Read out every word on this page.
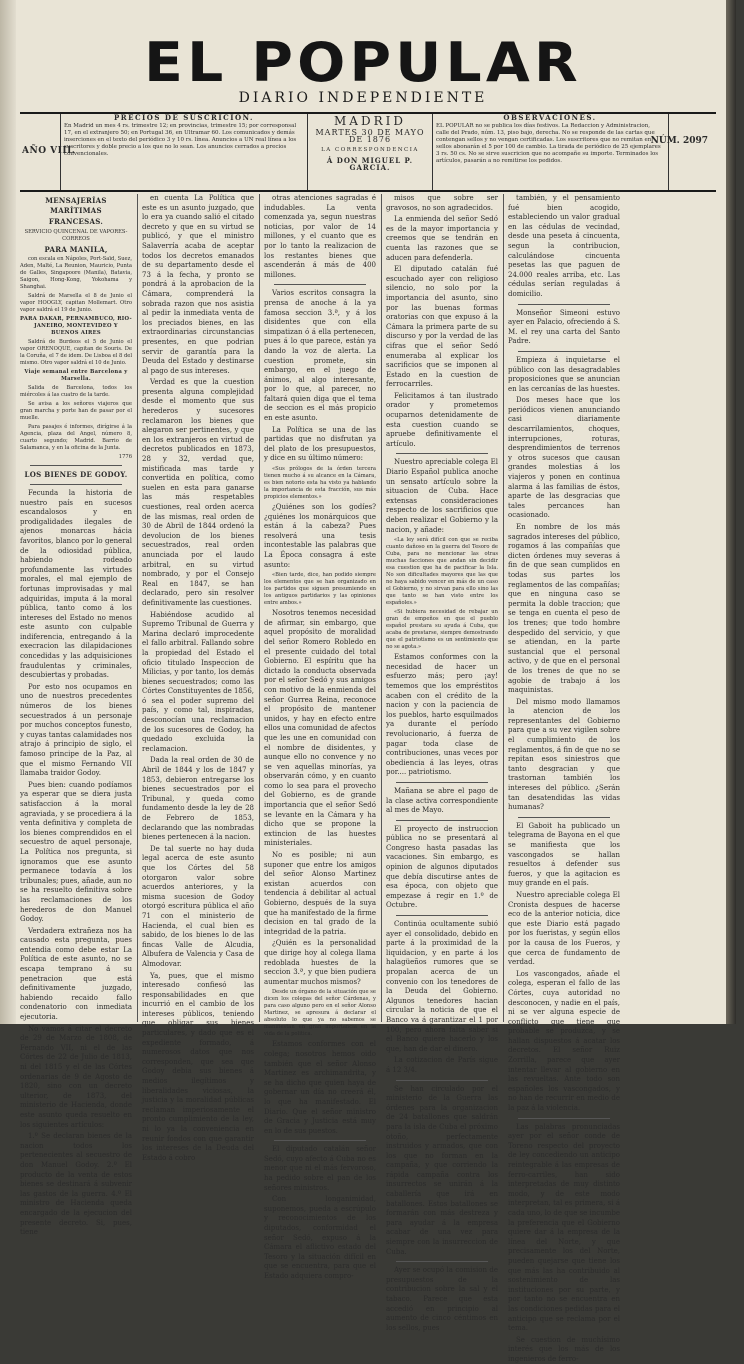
EL POPULAR
DIARIO INDEPENDIENTE
AÑO VIII.
PRECIOS DE SUSCRICION.
En Madrid un mes 4 rs. trimestre 12; en provincias, trimestre 15; por corresponsal 17, en el extranjero 50; en Portugal 36, en Ultramar 60. Los comunicados y demás inserciones en el texto del periódico 3 y 10 rs. línea. Anuncios a UN real línea a los suscritores y doble precio a los que no lo sean. Los anuncios cerrados a precios convencionales.
MADRID
MARTES 30 DE MAYO DE 1876
LA CORRESPONDENCIA
Á DON MIGUEL P. GARCIA.
OBSERVACIONES.
EL POPULAR no se publica los días festivos. La Redaccion y Administracion, calle del Prado, núm. 13, piso bajo, derecha. No se responde de las cartas que contengan sellos y no vengan certificadas. Los suscritores que no remitan en sellos abonarán el 5 por 100 de cambio. La tirada de periódico de 25 ejemplares 3 rs. 50 cs. No se sirve suscricion que no acompañe su importe. Terminados los artículos, pasarán a no remitirse los pedidos.
NÚM. 2097

MENSAJERÍAS MARÍTIMAS

FRANCESAS.

SERVICIO QUINCENAL DE VAPORES-CORREOS

PARA MANILA,

con escala en Nápoles, Port-Saïd, Suez, Aden, Malté, La Reunion, Mauricio, Punta de Galles, Singapoore (Manila), Batavia, Saigon, Hong-Kong, Yokohama y Shanghai.

Saldrá de Marsella el 8 de Junio el vapor HOOGLY, capitan Mollemart. Otro vapor saldrá el 19 de Junio.

PARA DAKAR, PERNAMBUCO, RIO-JANEIRO, MONTEVIDEO Y BUENOS AIRES

Saldrá de Burdeos el 5 de Junio el vapor ORENOQUE, capitan de Souris. De la Coruña, el 7 de idem. De Lisboa el 8 del mismo. Otro vapor saldrá el 10 de Junio.

Viaje semanal entre Barcelona y Marsella.

Salida de Barcelona, todos los miércoles á las cuatro de la tarde.

Se avisa a los señores viajeros que gran marcha y porte han de pasar por el muelle.

Para pasajes é informes, dirígirse á la Agencia, plaza del Angel, número 8, cuarto segundo; Madrid. Barrio de Salamanca, y en la oficina de la Junta.

1776

LOS BIENES DE GODOY.

Fecunda la historia de nuestro país en sucesos escandalosos y en prodigalidades ilegales de ajenos monarcas hácia favoritos, blanco por lo general de la odiosidad pública, habiendo rodeado profundamente las virtudes morales, el mal ejemplo de fortunas improvisadas y mal adquiridas, imputa á la moral pública, tanto como á los intereses del Estado no menos este asunto con culpable indiferencia, entregando á la execracion las dilapidaciones concedidas y las adquisiciones fraudulentas y criminales, descubiertas y probadas.

Por esto nos ocupamos en uno de nuestros precedentes números de los bienes secuestrados á un personaje por muchos conceptos funesto, y cuyas tantas calamidades nos atrajo á principio de siglo, el famoso principe de la Paz, al que el mismo Fernando VII llamaba traidor Godoy.

Pues bien: cuando podíamos ya esperar que se diera justa satisfaccion á la moral agraviada, y se procediera á la venta definitiva y completa de los bienes comprendidos en el secuestro de aquel personaje, La Política nos pregunta, si ignoramos que ese asunto permanece todavía á los tribunales; pues, añade, aun no se ha resuelto definitiva sobre las reclamaciones de los herederos de don Manuel Godoy.

Verdadera extrañeza nos ha causado esta pregunta, pues entendia como debe estar La Política de este asunto, no se escapa temprano á su penetracion que está definitivamente juzgado, habiendo recaido fallo condenatorio con inmediata ejecutoria.

No vamos á citar el decreto de 29 de Marzo de 1808, de Fernando VII, ni el de las Córtes de 22 de Julio de 1813, ni del 1815 y el de las Córtes ordenarias de 9 de Agosto de 1820, sino con un decreto ulterior, de 1873, del ministerio de Hacienda, donde este asunto queda resuelto en los siguientes artículos:

1.º Se declaran bienes de la nacion todos los pertenecientes al secuestro de don Manuel Godoy. 2.º El producto de la venta de estos bienes se destinará á subvenir las gastos de la guerra. 4.º El ministro de Hacienda queda encargado de la ejecucion del presente decreto. Si, pues, tiene

en cuenta La Política que este es un asunto juzgado, que lo era ya cuando salió el citado decreto y que en su virtud se publicó, y que el ministro Salaverría acaba de aceptar todos los decretos emanados de su departamento desde el 73 á la fecha, y pronto se pondrá á la aprobacion de la Cámara, comprenderá la sobrada razon que nos asistia al pedir la inmediata venta de los preciados bienes, en las extraordinarias circunstancias presentes, en que podrian servir de garantía para la Deuda del Estado y destinarse al pago de sus intereses.

Verdad es que la cuestion presenta alguna complejidad desde el momento que sus herederos y sucesores reclamaron los bienes que alegaron ser pertinentes, y que en los extranjeros en virtud de decretos publicados en 1873, 28 y 32, verdad que, mistificada mas tarde y convertida en política, como suelen en esta para ganarse las más respetables cuestiones, real orden acerca de las mismas, real orden de 30 de Abril de 1844 ordenó la devolucion de los bienes secuestrados, real orden anunciada por el laudo arbitral, en su virtud nombrado, y por el Consejo Real en 1847, se han declarado, pero sin resolver definitivamente las cuestiones.

Habiéndose acudido al Supremo Tribunal de Guerra y Marina declaró improcedente el fallo arbitral. Fallando sobre la propiedad del Estado el oficio titulado Inspeccion de Milicias, y por tanto, los demás bienes secuestrados; como las Córtes Constituyentes de 1856, ó sea el poder supremo del país, y como tal, inspiradas, desconocían una reclamacion de los sucesores de Godoy, ha quedado excluida la reclamacion.

Dada la real orden de 30 de Abril de 1844 y los de 1847 y 1853, debieron entregarse los bienes secuestrados por el Tribunal, y queda como fundamento desde la ley de 28 de Febrero de 1853, declarando que las nombradas bienes pertenecen á la nacion.

De tal suerte no hay duda legal acerca de este asunto que los Córtes del 58 otorgaron valor sobre acuerdos anteriores, y la misma sucesion de Godoy otorgó escritura pública el año 71 con el ministerio de Hacienda, el cual bien es sabido, de los bienes lo de las fincas Valle de Alcudia, Albufera de Valencia y Casa de Almodovar.

Ya, pues, que el mismo interesado confiesó las responsabilidades en que incurrió en el cambio de los intereses públicos, teniendo que obligar sus bienes particulares, y dado que es el expediente formado, á numerosos datos que nos corresponden, que sea que Godoy debia sus bienes á medios ilegítimos y liberalidades viciosas, la justicia y la moralidad públicas reclaman imperiosamente el pronto cumplimiento de la ley, ni lo ya la conveniencia en reunir fondos con que garantir los intereses de la Deuda del Estado á cobro

otras atenciones sagradas é indudables. La venta comenzada ya, segun nuestras noticias, por valor de 14 millones, y el cuanto que es por lo tanto la realizacion de los restantes bienes que ascenderán á más de 400 millones.

Varios escritos consagra la prensa de anoche á la ya famosa seccion 3.ª, y á los disidentes que con ella simpatizan ó á ella pertenecen, pues á lo que parece, están ya dando la voz de alerta. La cuestion promete, sin embargo, en el juego de ánimos, al algo interesante, por lo que, al parecer, no faltará quien diga que el tema de seccion es el más propicio en este asunto.

La Política se una de las partidas que no disfrutan ya del plato de los presupuestos, y dice en su último número:

«Sus prólogos de la órden tercera tienen mucho á su alcance en la Cámara, es bien notorio esta ha visto ya hablando la importancia de esta fracción, sus más propicios elementos.»

¿Quiénes son los godíes? ¿quiénes los monárquicos que están á la cabeza? Pues resolverá una tesis incontestable las palabras que La Época consagra á este asunto:

«Bien tarde, dice, han podido siempre los elementos que se han organizado en los partidos que siguen presumiendo en los antiguos partidarios y las opiniones entre ambos.»

Nosotros tenemos necesidad de afirmar, sin embargo, que aquel propósito de moralidad del señor Romero Robledo en el presente cuidado del total Gobierno. El espíritu que ha dictado la conducta observada por el señor Sedó y sus amigos con motivo de la enmienda del señor Gurrea Reina, reconoce el propósito de mantener unidos, y hay en efecto entre ellos una comunidad de afectos que les une en comunidad con el nombre de disidentes, y aunque ello no convence y no se ven aquellas minorías, ya observarán cómo, y en cuanto como lo sea para el provecho del Gobierno, es de grande importancia que el señor Sedó se levante en la Cámara y ha dicho que se propone la extincion de las huestes ministeriales.

No es posible; ni aun suponer que entre los amigos del señor Alonso Martinez existan acuerdos con tendencia á debilitar al actual Gobierno, después de la suya que ha manifestado de la firme decision en tal grado de la integridad de la patria.

¿Quién es la personalidad que dirige hoy al colega llama redoblada huestes de la seccion 3.ª, y que bien pudiera aumentar muchos mismos?

Desde un órgano de la situación que se dicen los colegas del señor Cárdenas, y para caso alguno pero en el señor Alonso Martinez, se apresura á declarar el absoluto lo que ya no sabemos se manifiestan en gran importancia en la vida de la politica.

Estamos conformes con el colega; nosotros hemos oido también que el señor Alonso Martinez es archimandrita, y se ha dicho que quien haya de gobernar un día no creerá él, lo que ha manifestado. El Diario. Que el señor ministro de Gracia y Justicia está muy en lo de sus puestos.

El diputado catalán señor Sedó, cuyo afecto á Cuba no es menor que ni el más fervoroso, ha pedido sobre el pan de los señores ministros.

Con longanimidad, suponemos, pueda a escrúpulo y reconocimientos de los diputados, conformidad el señor Sedó, expuso á la Cámara el aflictivo estado del Tesoro y la situación difícil en que se encuentra, para que el Estado adquiera compro-

misos que sobre ser gravosos, no son agradecidos.

La enmienda del señor Sedó es de la mayor importancia y creemos que se tendrán en cuenta las razones que se aducen para defenderla.

El diputado catalán fué escuchado ayer con religioso silencio, no solo por la importancia del asunto, sino por las buenas formas oratorias con que expuso á la Cámara la primera parte de su discurso y por la verdad de las cifras que el señor Sedó enumeraba al explicar los sacrificios que se imponen al Estado en la cuestion de ferrocarriles.

Felicitamos á tan ilustrado orador y prometemos ocuparnos detenidamente de esta cuestion cuando se apruebe definitivamente el artículo.

Nuestro apreciable colega El Diario Español publica anoche un sensato artículo sobre la situacion de Cuba. Hace extensas consideraciones respecto de los sacrificios que deben realizar el Gobierno y la nacion, y añade:

«La ley será difícil con que se reciba cuanto dañoso en la guerra del Tesoro de Cuba, para no mencionar las otras muchas facciones que andan sin decidir esa cuestion que ha de pacificar la Isla. No son dificultades mayores que las que no haya sabido vencer en más de un caso el Gobierno, y no sirvan para ello sino las que tanto se han visto entre los españoles.»

«Si hubiera necesidad de rebajar un gran de empeños en que el pueblo español prestara su ayuda á Cuba, que acaba de prestarse, siempre demostrando que el patriotismo es un sentimiento que no se agota.»

Estamos conformes con la necesidad de hacer un esfuerzo más; pero ¡ay! tememos que los empréstitos acaben con el crédito de la nacion y con la paciencia de los pueblos, harto esquilmados ya durante el período revolucionario, á fuerza de pagar toda clase de contribuciones, unas veces por obediencia á las leyes, otras por.... patriotismo.

Mañana se abre el pago de la clase activa correspondiente al mes de Mayo.

El proyecto de instruccion pública no se presentará al Congreso hasta pasadas las vacaciones. Sin embargo, es opinion de algunos diputados que debía discutirse antes de esa época, con objeto que empezase á regir en 1.º de Octubre.

Continúa ocultamente subió ayer el consolidado, debido en parte á la proximidad de la liquidacion, y en parte á los halagüeños rumores que se propalan acerca de un convenio con los tenedores de la Deuda del Gobierno. Algunos tenedores hacian circular la noticia de que el Banco va á garantizar el 1 por 100, pero ahora falta saber si el Banco quiere hacerlo y los que, han de dar el dinero.

La cotizacion de París sigue á 12 3/4.

Se han circulado por el ministerio de la Guerra las órdenes para la organizacion de 24 batallones que saldrán para la isla de Cuba el próximo otoño, perfectamente instruidos y armados, que con los que no forman en la campaña, y que corriendo la rápida campaña contra los insurrectos se unirán á la caballería que irá en batallones. Estos batallones se formarán con más destreza y para ayudar á la empresa acabar de una vez para siempre con la insurreccion de Cuba.

Ayer se ocupó la comision de presupuestos de la contribucion sobre la sal y el tabaco. Parece que esta accedió en principio al aumento de cinco céntimos en los sellos, pues

también, y el pensamiento fué bien acogido, estableciendo un valor gradual en las cédulas de vecindad, desde una peseta á cincuenta, segun la contribucion, calculándose cincuenta pesetas las que paguen de 24.000 reales arriba, etc. Las cédulas serían reguladas á domicilio.

Monseñor Simeoni estuvo ayer en Palacio, ofreciendo á S. M. el rey una carta del Santo Padre.

Empieza á inquietarse el público con las desagradables proposiciones que se anuncian en las cercanías de las huestes.

Dos meses hace que los periódicos vienen anunciando casi diariamente descarrilamientos, choques, interrupciones, roturas, desprendimientos de terrenos y otros sucesos que causan grandes molestias á los viajeros y ponen en continua alarma á las familias de éstos, aparte de las desgracias que tales percances han ocasionado.

En nombre de los más sagrados intereses del público, rogamos á las compañías que dicten órdenes muy severas á fin de que sean cumplidos en todas sus partes los reglamentos de las compañías; que en ninguna caso se permita la doble traccion; que se tenga en cuenta el peso de los trenes; que todo hombre despedido del servicio, y que se atiendan, en la parte sustancial que el personal activo, y de que en el personal de los trenes de que no se agobie de trabajo á los maquinistas.

Del mismo modo llamamos la atencion de los representantes del Gobierno para que a su vez vigilen sobre el cumplimiento de los reglamentos, á fin de que no se repitan esos siniestros que tanto desgracian y que trastornan también los intereses del público. ¿Serán tan desatendidas las vidas humanas?

El Gaboit ha publicado un telegrama de Bayona en el que se manifiesta que los vascongados se hallan resueltos á defender sus fueros, y que la agitacion es muy grande en el país.

Nuestro apreciable colega El Cronista despues de hacerse eco de la anterior noticia, dice que este Diario está pagado por los fueristas, y según ellos por la causa de los Fueros, y que cerca de fundamento de verdad.

Los vascongados, añade el colega, esperan el fallo de las Córtes, cuya autoridad no desconocen, y nadie en el país, ni se ver alguna especie de conflicto que tiene que probable se produzca, y se hallan dispuestos á acatar los decretos. El señor Ruiz Zorrilla, parece que ayer intentar llevar al gobierno en las revueltas. Ante todo son españoles los vascongados, y no han de recurrir en medio de la paz á la violencia.

Las palabras pronunciadas ayer por el señor conde de Toreno respecto del proyecto de ley concediendo un anticipo reintegrable á las empresas de ferro-carriles, han sido interpretadas de muy distinto modo, y de este modo interpretan, tal es primera, si á cada uno, lo de que se incumbe la preferencia que el Gobierno quiere dar á la empresa de la línea del Norte, y que precisamente los del Norte, pueden quejarse que tiene los que más las ha contribuido al sostenimiento de las instituciones por su parte, y por tanto no se encuentra en las condiciones pedidas para el anticipo que se reclama por el tema.

Se cuestion de muchísimo interés que los más de los ingenieros de ferro-
